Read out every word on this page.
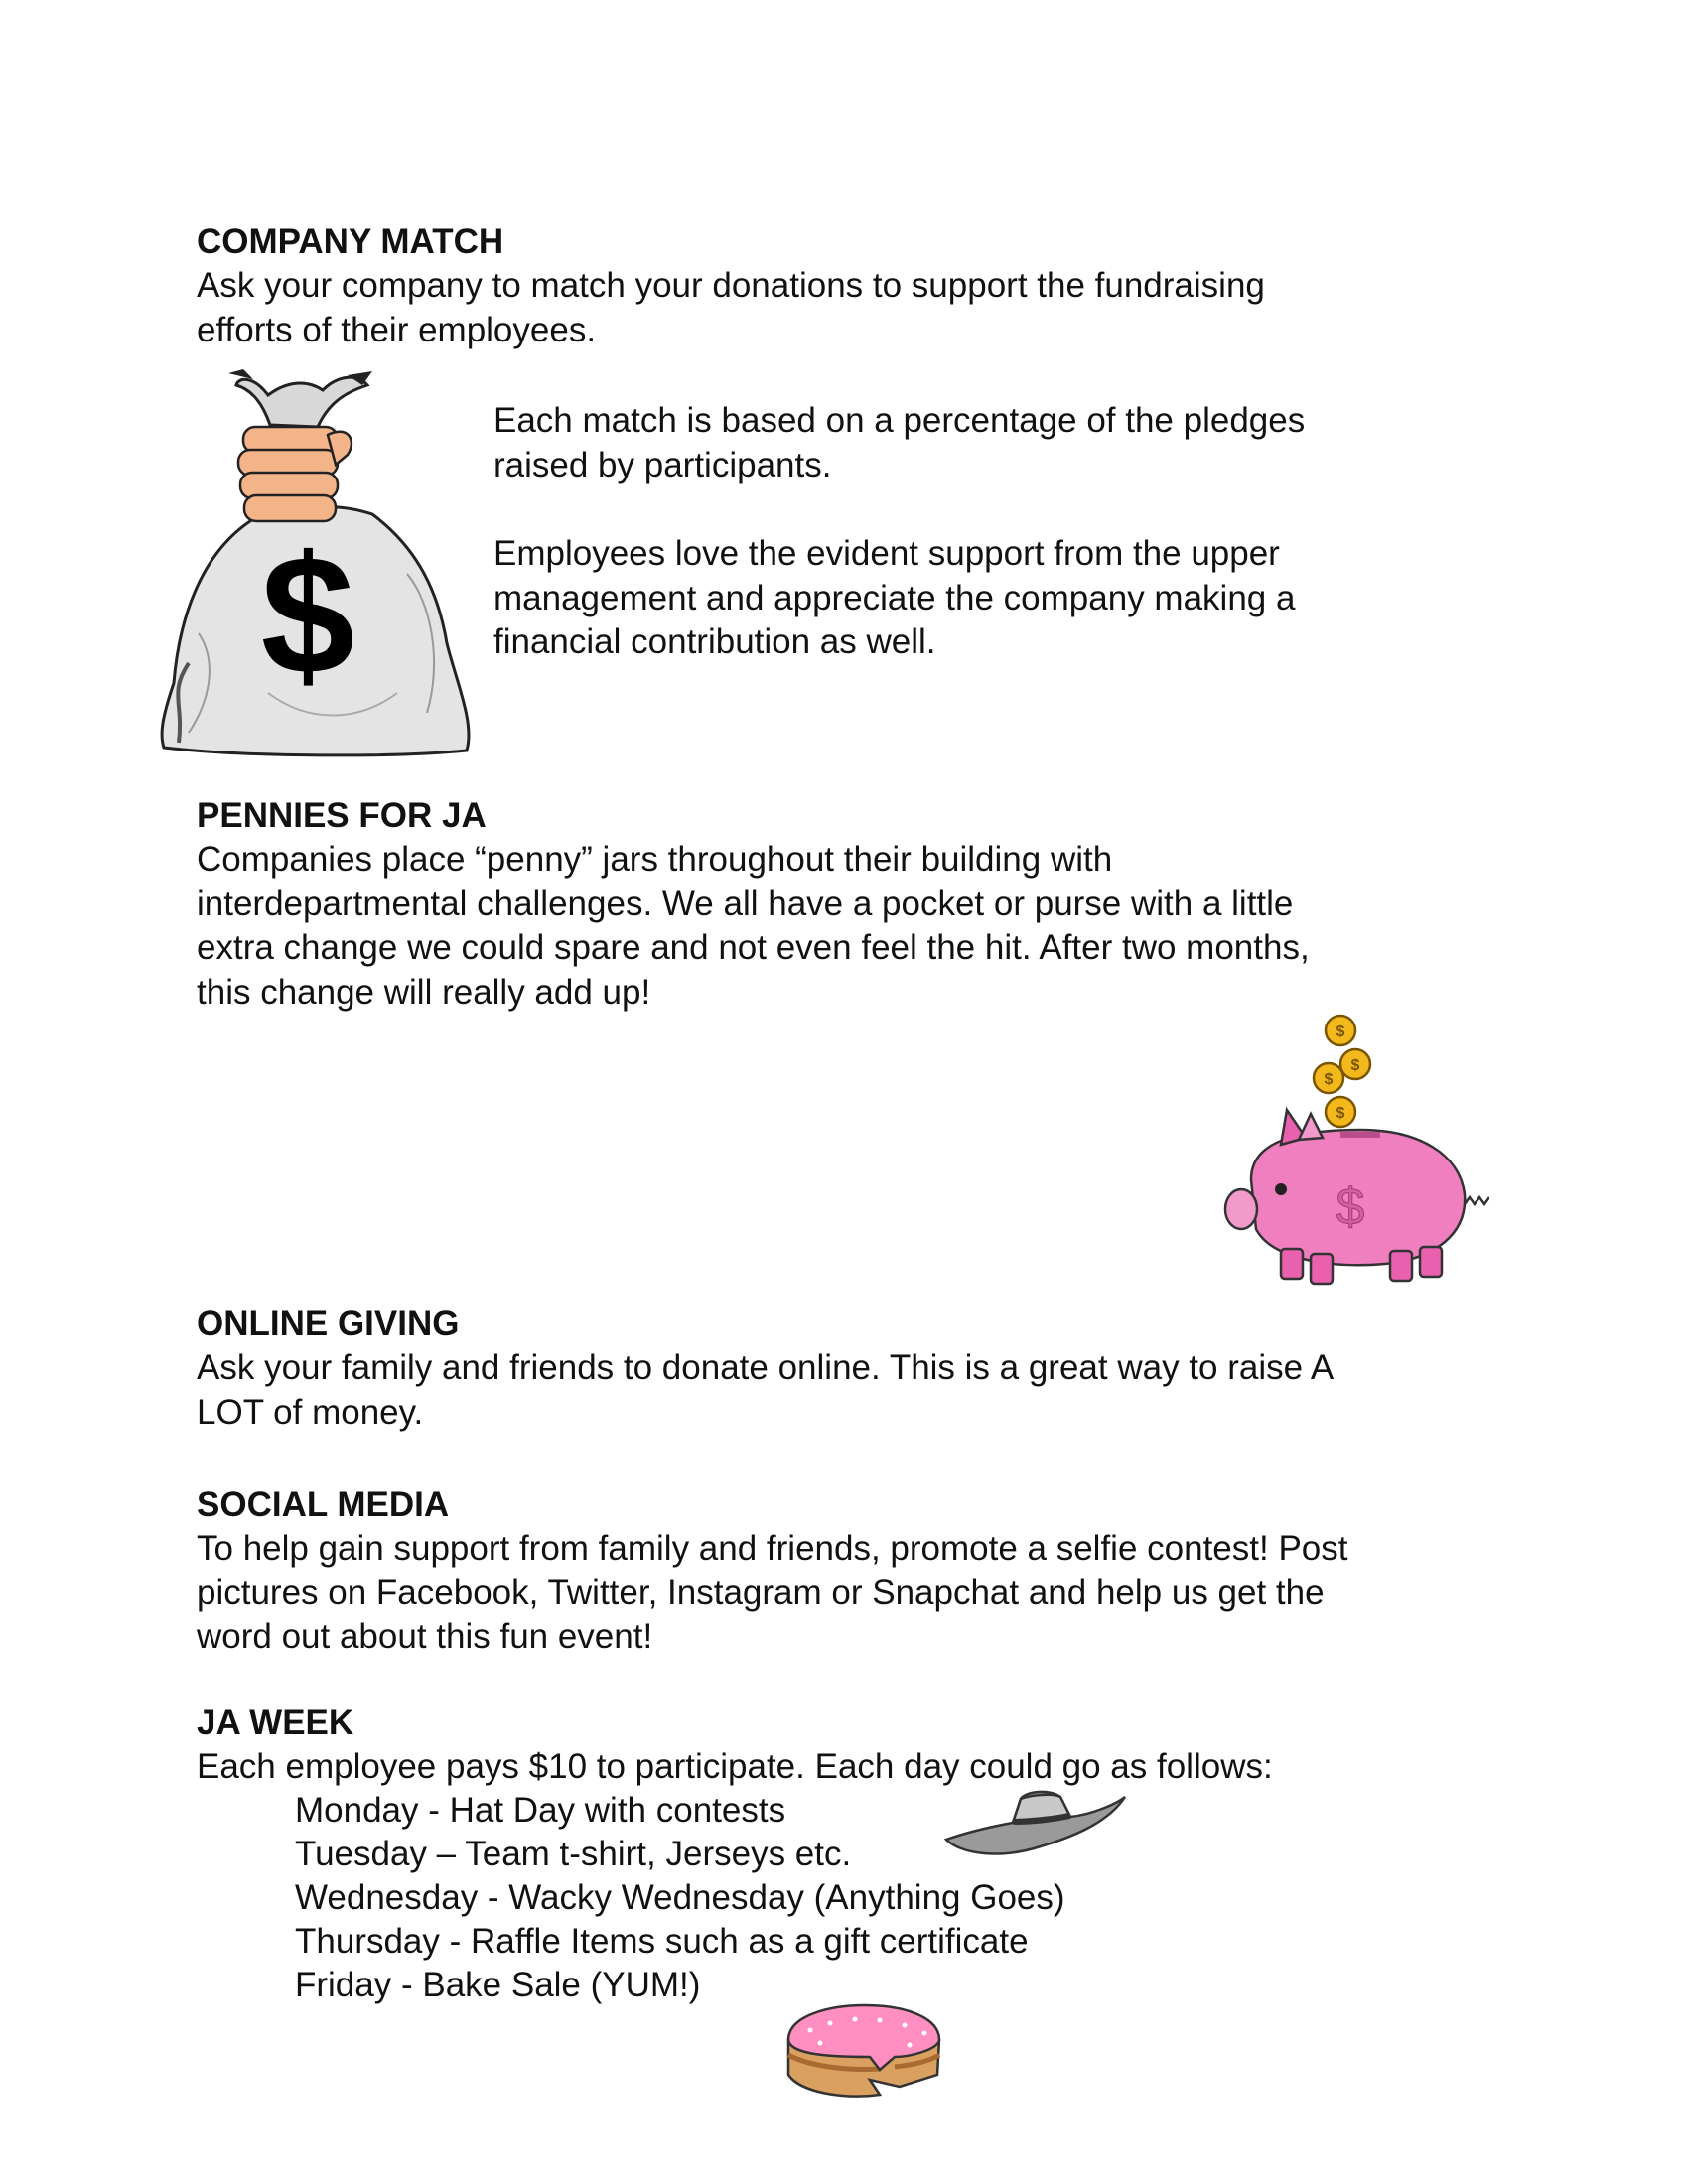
COMPANY MATCH

Ask your company to match your donations to support the fundraising
efforts of their employees.

Each match is based on a percentage of the pledges
raised by participants.

Employees love the evident support from the upper
management and appreciate the company making a
financial contribution as well.

$
PENNIES FOR JA

Companies place “penny” jars throughout their building with
interdepartmental challenges. We all have a pocket or purse with a little
extra change we could spare and not even feel the hit. After two months,
this change will really add up!

$
$
$
$
$
ONLINE GIVING

Ask your family and friends to donate online. This is a great way to raise A
LOT of money.

SOCIAL MEDIA

To help gain support from family and friends, promote a selfie contest! Post
pictures on Facebook, Twitter, Instagram or Snapchat and help us get the
word out about this fun event!

JA WEEK

Each employee pays $10 to participate. Each day could go as follows:

Monday - Hat Day with contests
Tuesday – Team t-shirt, Jerseys etc.
Wednesday - Wacky Wednesday (Anything Goes)
Thursday - Raffle Items such as a gift certificate
Friday - Bake Sale (YUM!)
